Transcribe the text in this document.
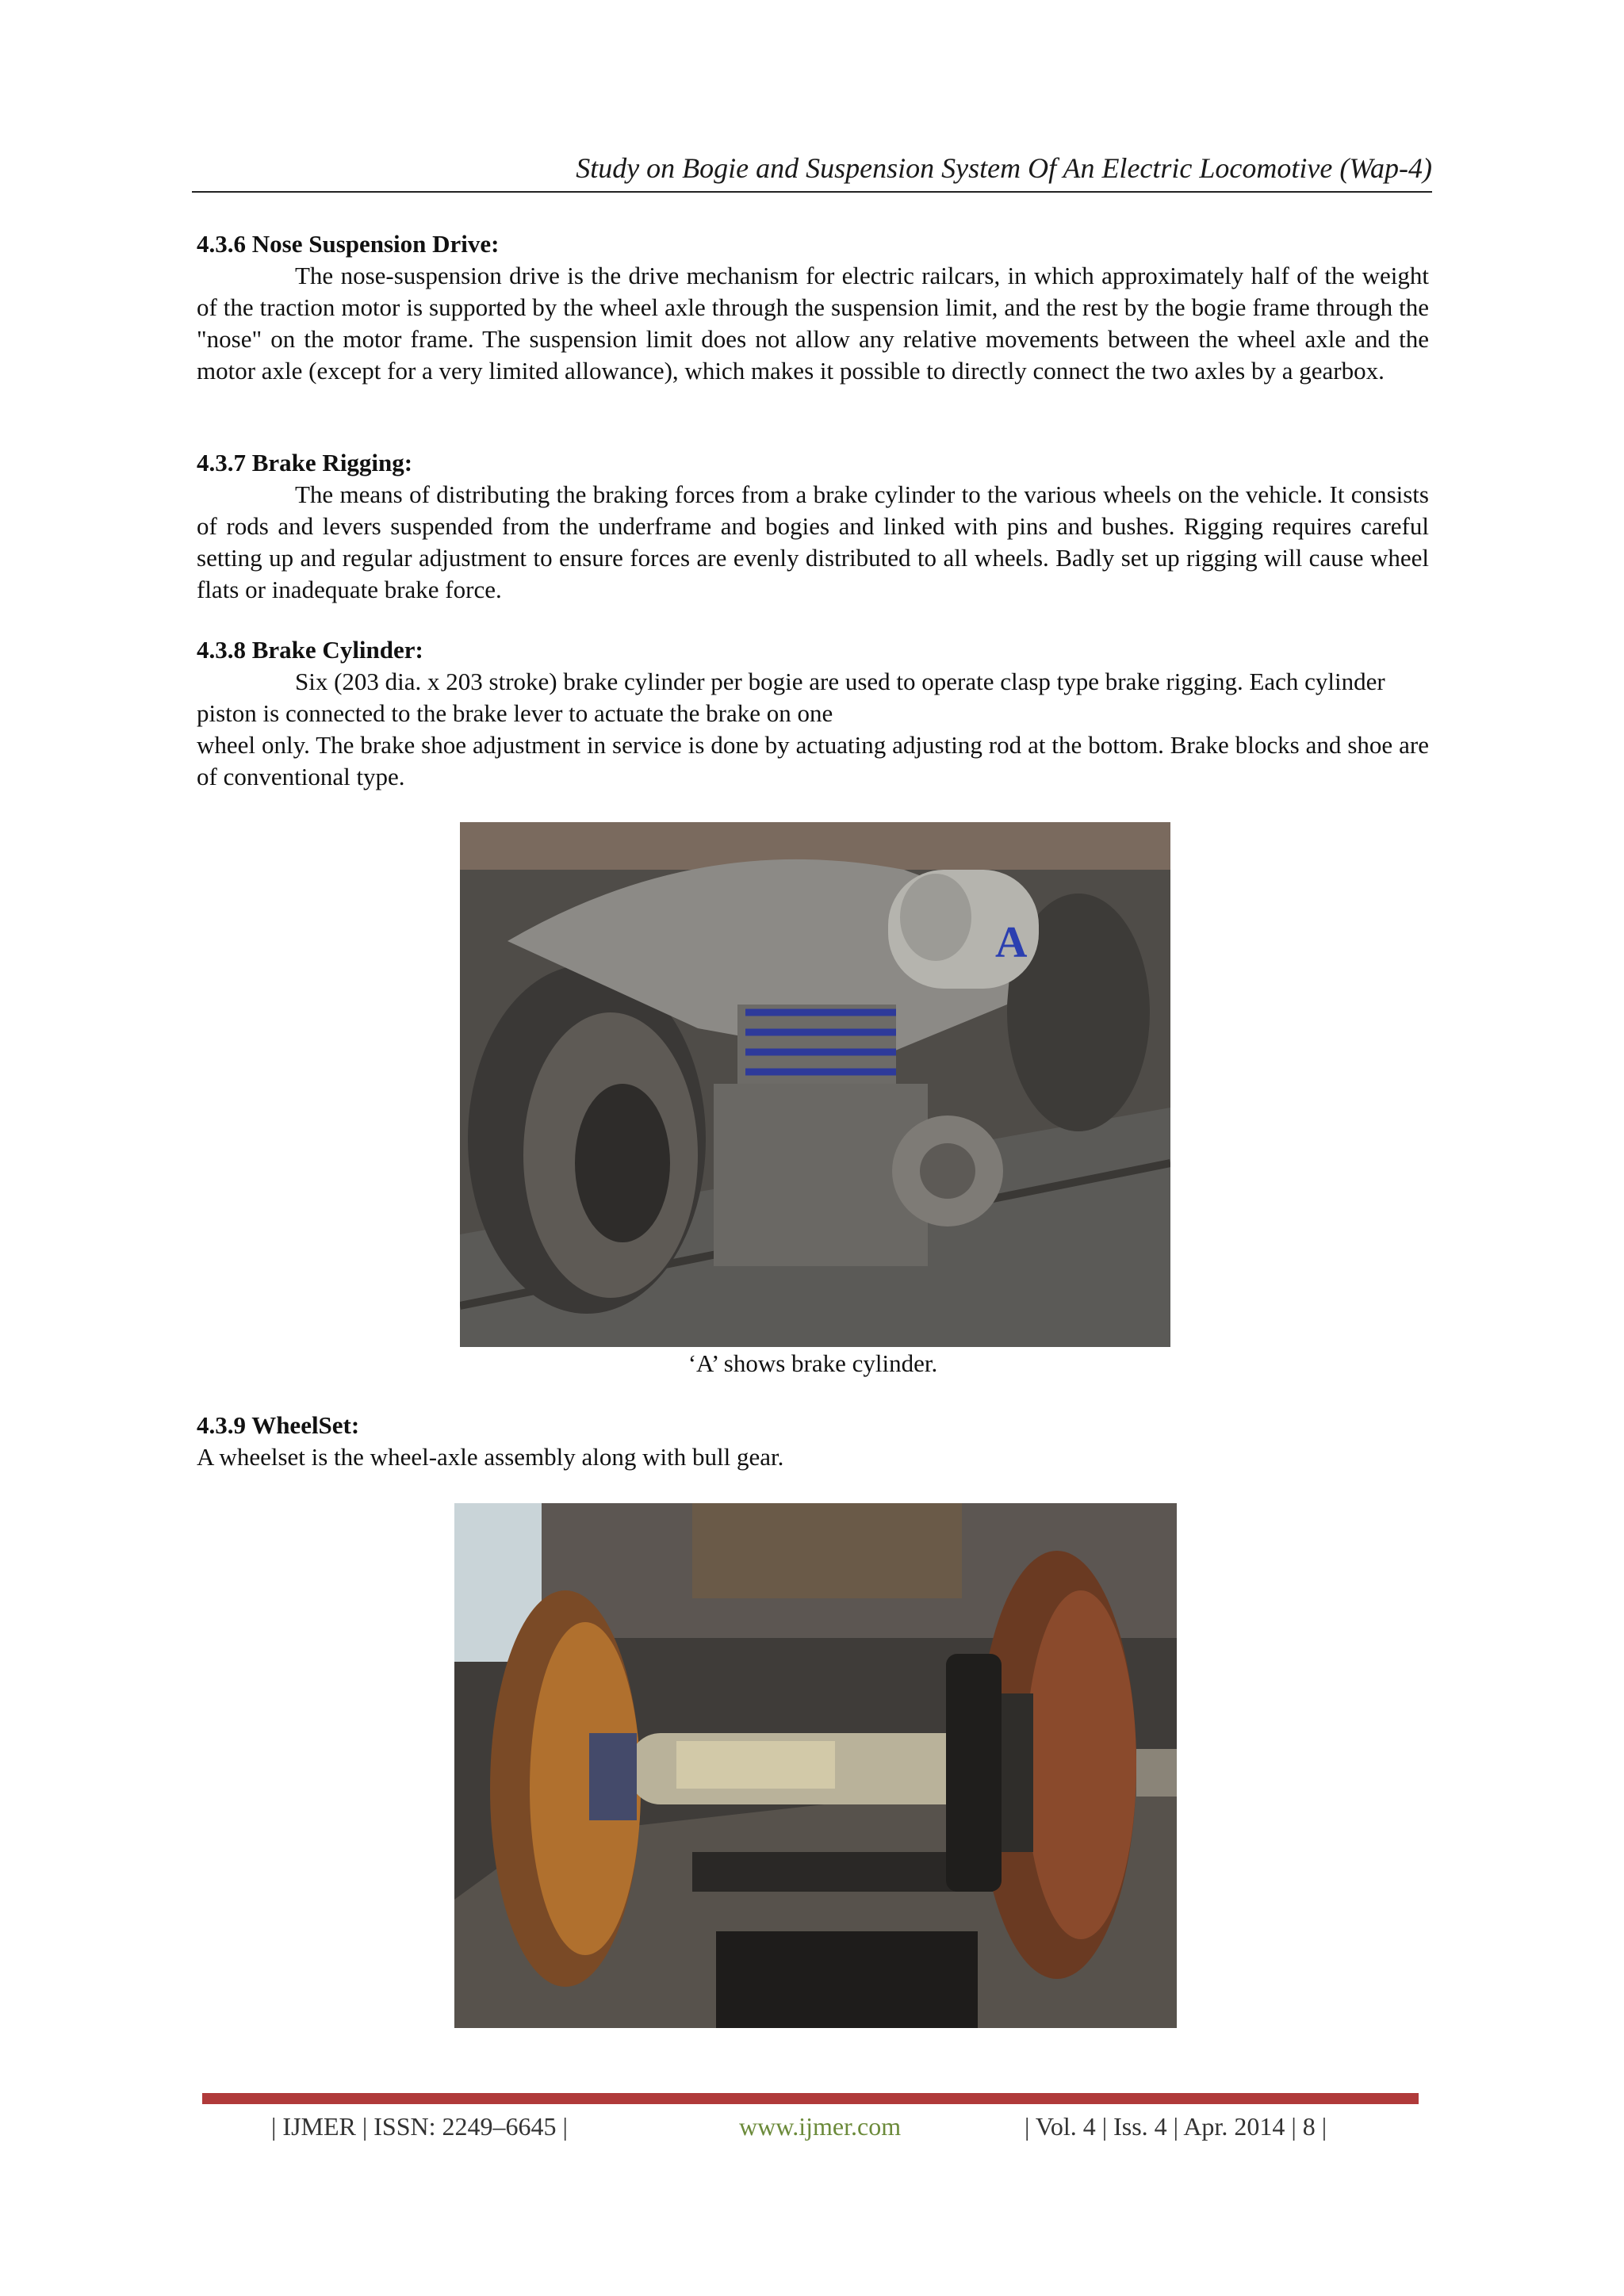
Study on Bogie and Suspension System Of An Electric Locomotive (Wap-4)
4.3.6 Nose Suspension Drive:

The nose-suspension drive is the drive mechanism for electric railcars, in which approximately half of the weight of the traction motor is supported by the wheel axle through the suspension limit, and the rest by the bogie frame through the "nose" on the motor frame. The suspension limit does not allow any relative movements between the wheel axle and the motor axle (except for a very limited allowance), which makes it possible to directly connect the two axles by a gearbox.

4.3.7 Brake Rigging:

The means of distributing the braking forces from a brake cylinder to the various wheels on the vehicle. It consists of rods and levers suspended from the underframe and bogies and linked with pins and bushes. Rigging requires careful setting up and regular adjustment to ensure forces are evenly distributed to all wheels. Badly set up rigging will cause wheel flats or inadequate brake force.

4.3.8 Brake Cylinder:

Six (203 dia. x 203 stroke) brake cylinder per bogie are used to operate clasp type brake rigging. Each cylinder piston is connected to the brake lever to actuate the brake on one

wheel only. The brake shoe adjustment in service is done by actuating adjusting rod at the bottom. Brake blocks and shoe are of conventional type.

A
‘A’ shows brake cylinder.
4.3.9 WheelSet:

A wheelset is the wheel-axle assembly along with bull gear.

| IJMER | ISSN: 2249–6645 |	www.ijmer.com	| Vol. 4 | Iss. 4 | Apr. 2014 | 8 |
